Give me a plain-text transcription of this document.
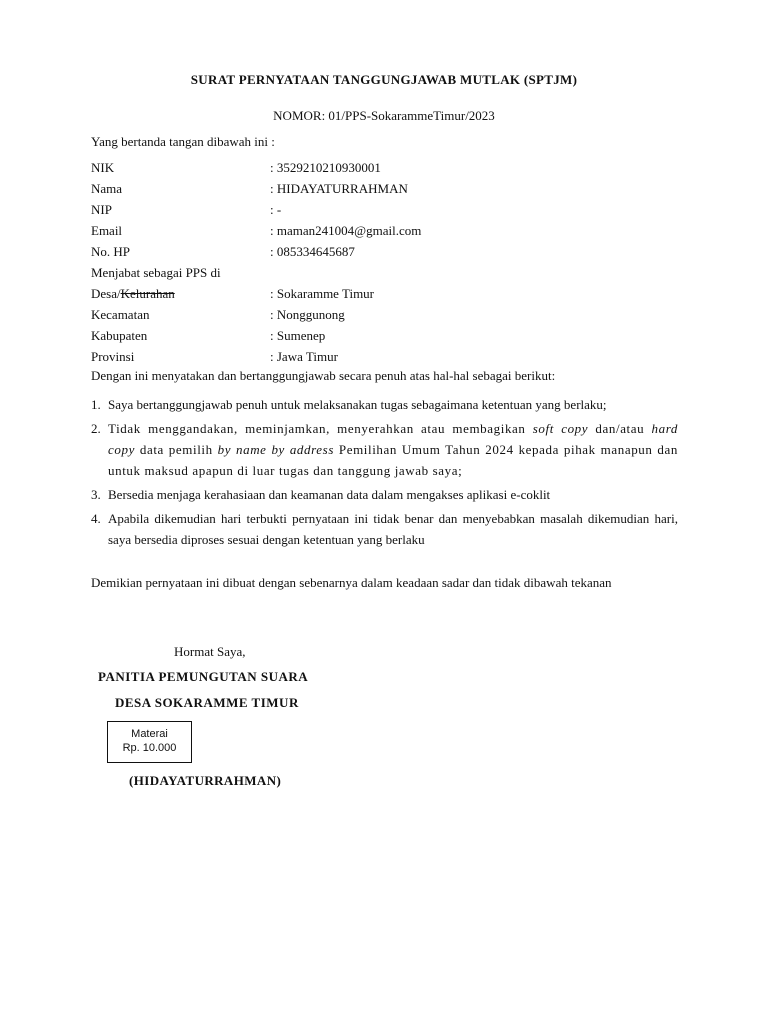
SURAT PERNYATAAN TANGGUNGJAWAB MUTLAK (SPTJM)
NOMOR: 01/PPS-SokarammeTimur/2023
Yang bertanda tangan dibawah ini :
NIK	: 3529210210930001
Nama	: HIDAYATURRAHMAN
NIP	: -
Email	: maman241004@gmail.com
No. HP	: 085334645687
Menjabat sebagai PPS di
Desa/Kelurahan	: Sokaramme Timur
Kecamatan	: Nonggunong
Kabupaten	: Sumenep
Provinsi	: Jawa Timur
Dengan ini menyatakan dan bertanggungjawab secara penuh atas hal-hal sebagai berikut:
1. Saya bertanggungjawab penuh untuk melaksanakan tugas sebagaimana ketentuan yang berlaku;
2. Tidak menggandakan, meminjamkan, menyerahkan atau membagikan soft copy dan/atau hard copy data pemilih by name by address Pemilihan Umum Tahun 2024 kepada pihak manapun dan untuk maksud apapun di luar tugas dan tanggung jawab saya;
3. Bersedia menjaga kerahasiaan dan keamanan data dalam mengakses aplikasi e-coklit
4. Apabila dikemudian hari terbukti pernyataan ini tidak benar dan menyebabkan masalah dikemudian hari, saya bersedia diproses sesuai dengan ketentuan yang berlaku
Demikian pernyataan ini dibuat dengan sebenarnya dalam keadaan sadar dan tidak dibawah tekanan
Hormat Saya,
PANITIA PEMUNGUTAN SUARA
DESA SOKARAMME TIMUR
Materai
Rp. 10.000
(HIDAYATURRAHMAN)
